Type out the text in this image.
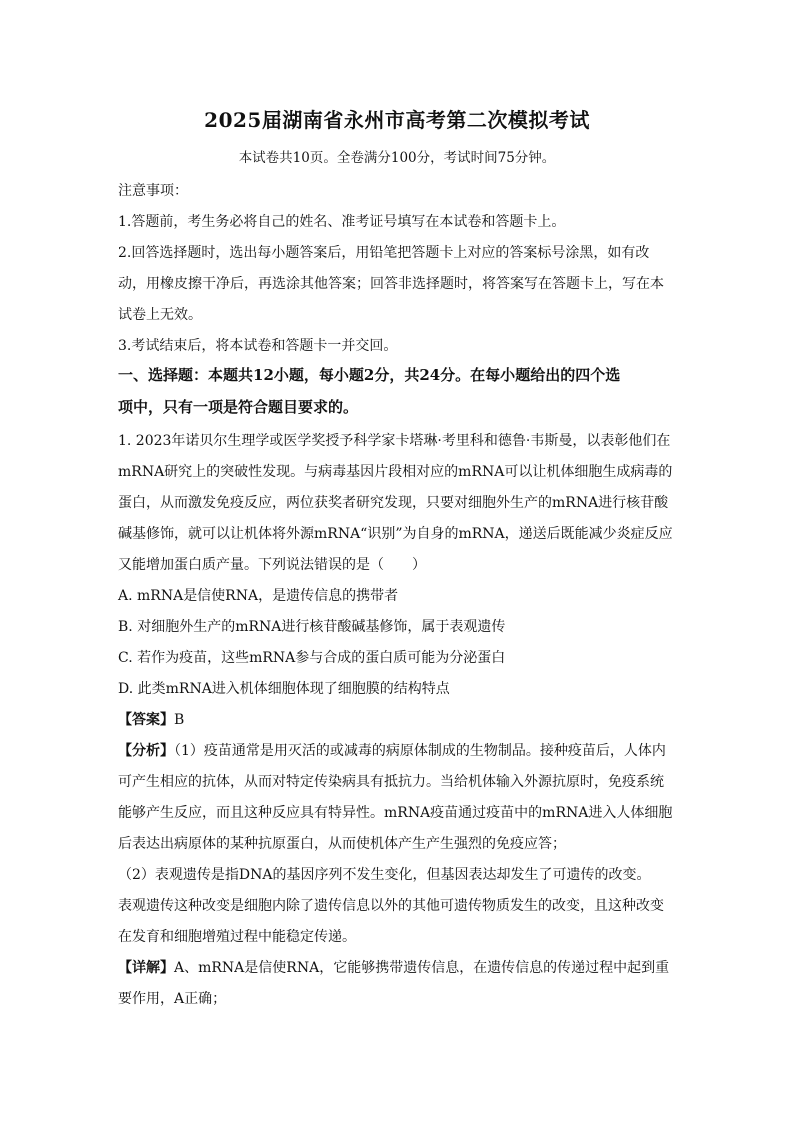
2025届湖南省永州市高考第二次模拟考试
本试卷共10页。全卷满分100分，考试时间75分钟。
注意事项：
1.答题前，考生务必将自己的姓名、准考证号填写在本试卷和答题卡上。
2.回答选择题时，选出每小题答案后，用铅笔把答题卡上对应的答案标号涂黑，如有改
动，用橡皮擦干净后，再选涂其他答案；回答非选择题时，将答案写在答题卡上，写在本
试卷上无效。
3.考试结束后，将本试卷和答题卡一并交回。
一、选择题：本题共12小题，每小题2分，共24分。在每小题给出的四个选
项中，只有一项是符合题目要求的。
1. 2023年诺贝尔生理学或医学奖授予科学家卡塔琳·考里科和德鲁·韦斯曼，以表彰他们在
mRNA研究上的突破性发现。与病毒基因片段相对应的mRNA可以让机体细胞生成病毒的
蛋白，从而激发免疫反应，两位获奖者研究发现，只要对细胞外生产的mRNA进行核苷酸
碱基修饰，就可以让机体将外源mRNA“识别”为自身的mRNA，递送后既能减少炎症反应
又能增加蛋白质产量。下列说法错误的是（　　）
A. mRNA是信使RNA，是遗传信息的携带者
B. 对细胞外生产的mRNA进行核苷酸碱基修饰，属于表观遗传
C. 若作为疫苗，这些mRNA参与合成的蛋白质可能为分泌蛋白
D. 此类mRNA进入机体细胞体现了细胞膜的结构特点
【答案】B
【分析】（1）疫苗通常是用灭活的或减毒的病原体制成的生物制品。接种疫苗后，人体内
可产生相应的抗体，从而对特定传染病具有抵抗力。当给机体输入外源抗原时，免疫系统
能够产生反应，而且这种反应具有特异性。mRNA疫苗通过疫苗中的mRNA进入人体细胞
后表达出病原体的某种抗原蛋白，从而使机体产生产生强烈的免疫应答；
（2）表观遗传是指DNA的基因序列不发生变化，但基因表达却发生了可遗传的改变。
表观遗传这种改变是细胞内除了遗传信息以外的其他可遗传物质发生的改变，且这种改变
在发育和细胞增殖过程中能稳定传递。
【详解】A、mRNA是信使RNA，它能够携带遗传信息，在遗传信息的传递过程中起到重
要作用，A正确；
